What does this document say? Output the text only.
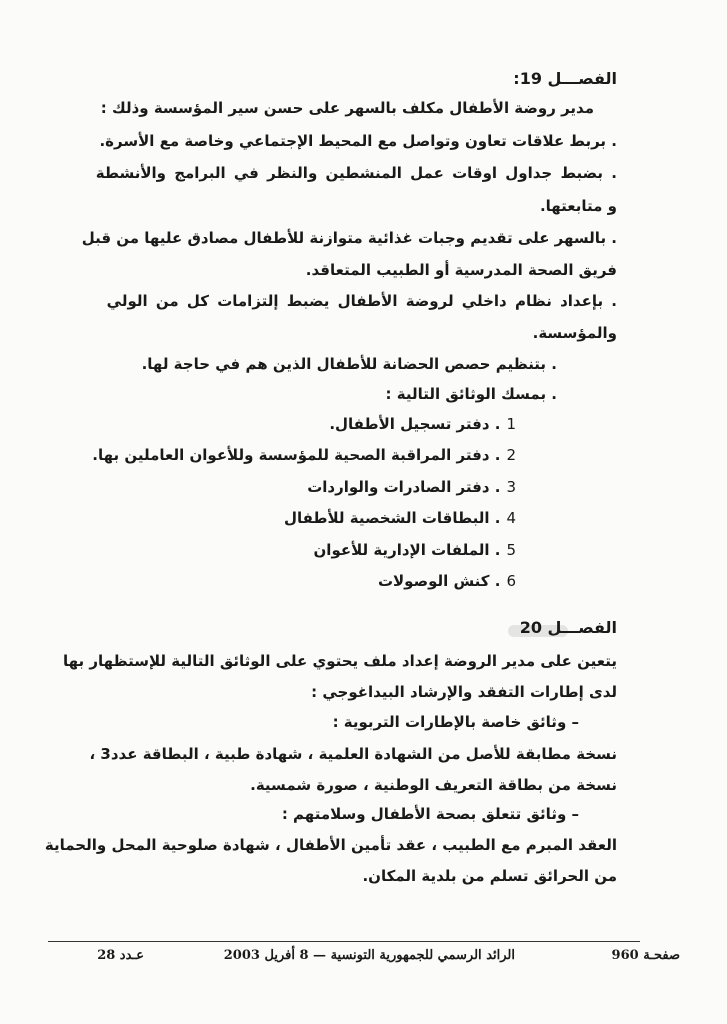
الفصـــل 19:
مدير روضة الأطفال مكلف بالسهر على حسن سير المؤسسة وذلك :
. بربط علاقات تعاون وتواصل مع المحيط الإجتماعي وخاصة مع الأسرة.
. بضبط جداول اوقات عمل المنشطين والنظر في البرامج والأنشطة
و متابعتها.
. بالسهر على تقديم وجبات غذائية متوازنة للأطفال مصادق عليها من قبل
فريق الصحة المدرسية أو الطبيب المتعاقد.
. بإعداد نظام داخلي لروضة الأطفال يضبط إلتزامات كل من الولي
والمؤسسة.
. بتنظيم حصص الحضانة للأطفال الذين هم في حاجة لها.
. بمسك الوثائق التالية :
1. دفتر تسجيل الأطفال.
2. دفتر المراقبة الصحية للمؤسسة وللأعوان العاملين بها.
3. دفتر الصادرات والواردات
4. البطاقات الشخصية للأطفال
5. الملفات الإدارية للأعوان
6. كنش الوصولات
الفصـــل 20
يتعين على مدير الروضة إعداد ملف يحتوي على الوثائق التالية للإستظهار بها
لدى إطارات التفقد والإرشاد البيداغوجي :
– وثائق خاصة بالإطارات التربوية :
نسخة مطابقة للأصل من الشهادة العلمية ، شهادة طبية ، البطاقة عدد3 ،
نسخة من بطاقة التعريف الوطنية ، صورة شمسية.
– وثائق تتعلق بصحة الأطفال وسلامتهم :
العقد المبرم مع الطبيب ، عقد تأمين الأطفال ، شهادة صلوحية المحل والحماية
من الحرائق تسلم من بلدية المكان.
صفحـة 960
الرائد الرسمي للجمهورية التونسية — 8 أفريل 2003
عـدد 28
